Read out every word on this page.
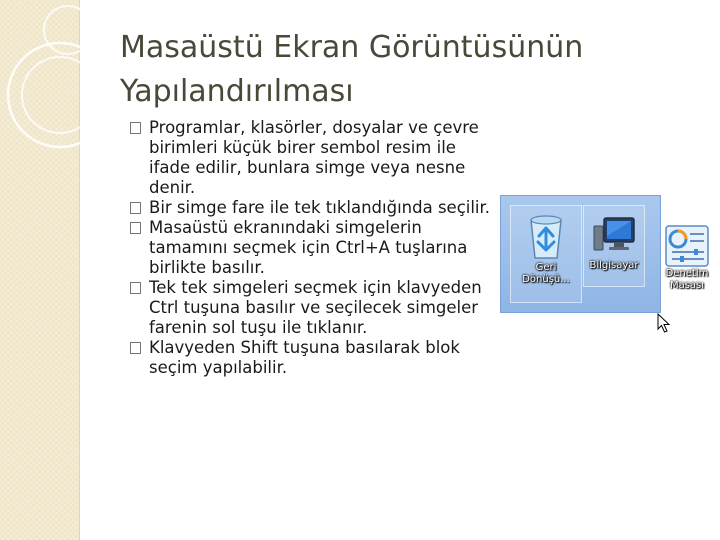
Masaüstü Ekran Görüntüsünün
Yapılandırılması
Programlar, klasörler, dosyalar ve çevre birimleri küçük birer sembol resim ile ifade edilir, bunlara simge veya nesne denir.
Bir simge fare ile tek tıklandığında seçilir.
Masaüstü ekranındaki simgelerin tamamını seçmek için Ctrl+A tuşlarına birlikte basılır.
Tek tek simgeleri seçmek için klavyeden Ctrl tuşuna basılır ve seçilecek simgeler farenin sol tuşu ile tıklanır.
Klavyeden Shift tuşuna basılarak blok seçim yapılabilir.
Geri
Dönüşü...
Bilgisayar
Denetim
Masası
